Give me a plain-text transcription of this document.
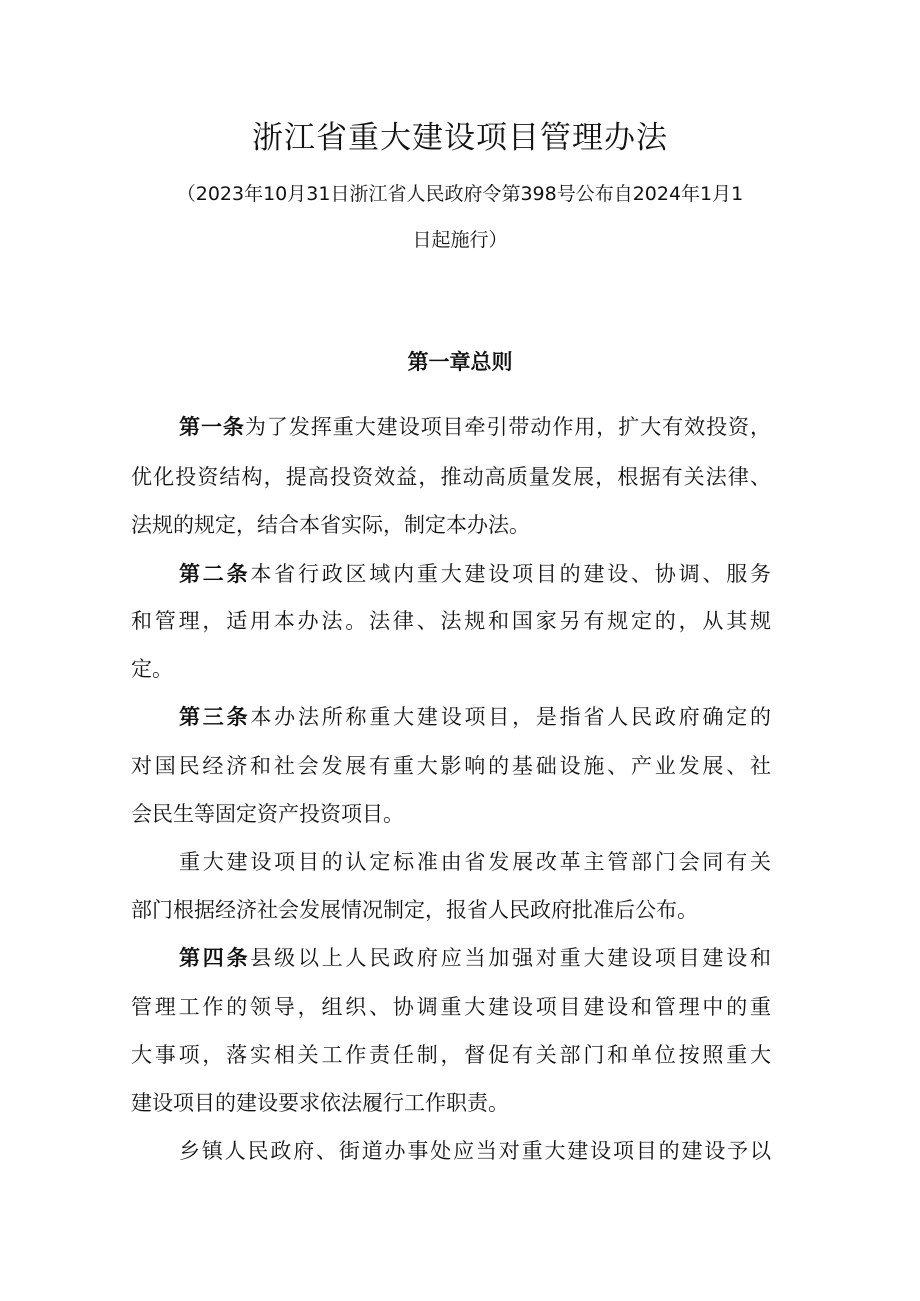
浙江省重大建设项目管理办法
（2023年10月31日浙江省人民政府令第398号公布自2024年1月1
日起施行）
第一章总则
第一条为了发挥重大建设项目牵引带动作用，扩大有效投资，
优化投资结构，提高投资效益，推动高质量发展，根据有关法律、
法规的规定，结合本省实际，制定本办法。
第二条本省行政区域内重大建设项目的建设、协调、服务
和管理，适用本办法。法律、法规和国家另有规定的，从其规
定。
第三条本办法所称重大建设项目，是指省人民政府确定的
对国民经济和社会发展有重大影响的基础设施、产业发展、社
会民生等固定资产投资项目。
重大建设项目的认定标准由省发展改革主管部门会同有关
部门根据经济社会发展情况制定，报省人民政府批准后公布。
第四条县级以上人民政府应当加强对重大建设项目建设和
管理工作的领导，组织、协调重大建设项目建设和管理中的重
大事项，落实相关工作责任制，督促有关部门和单位按照重大
建设项目的建设要求依法履行工作职责。
乡镇人民政府、街道办事处应当对重大建设项目的建设予以
